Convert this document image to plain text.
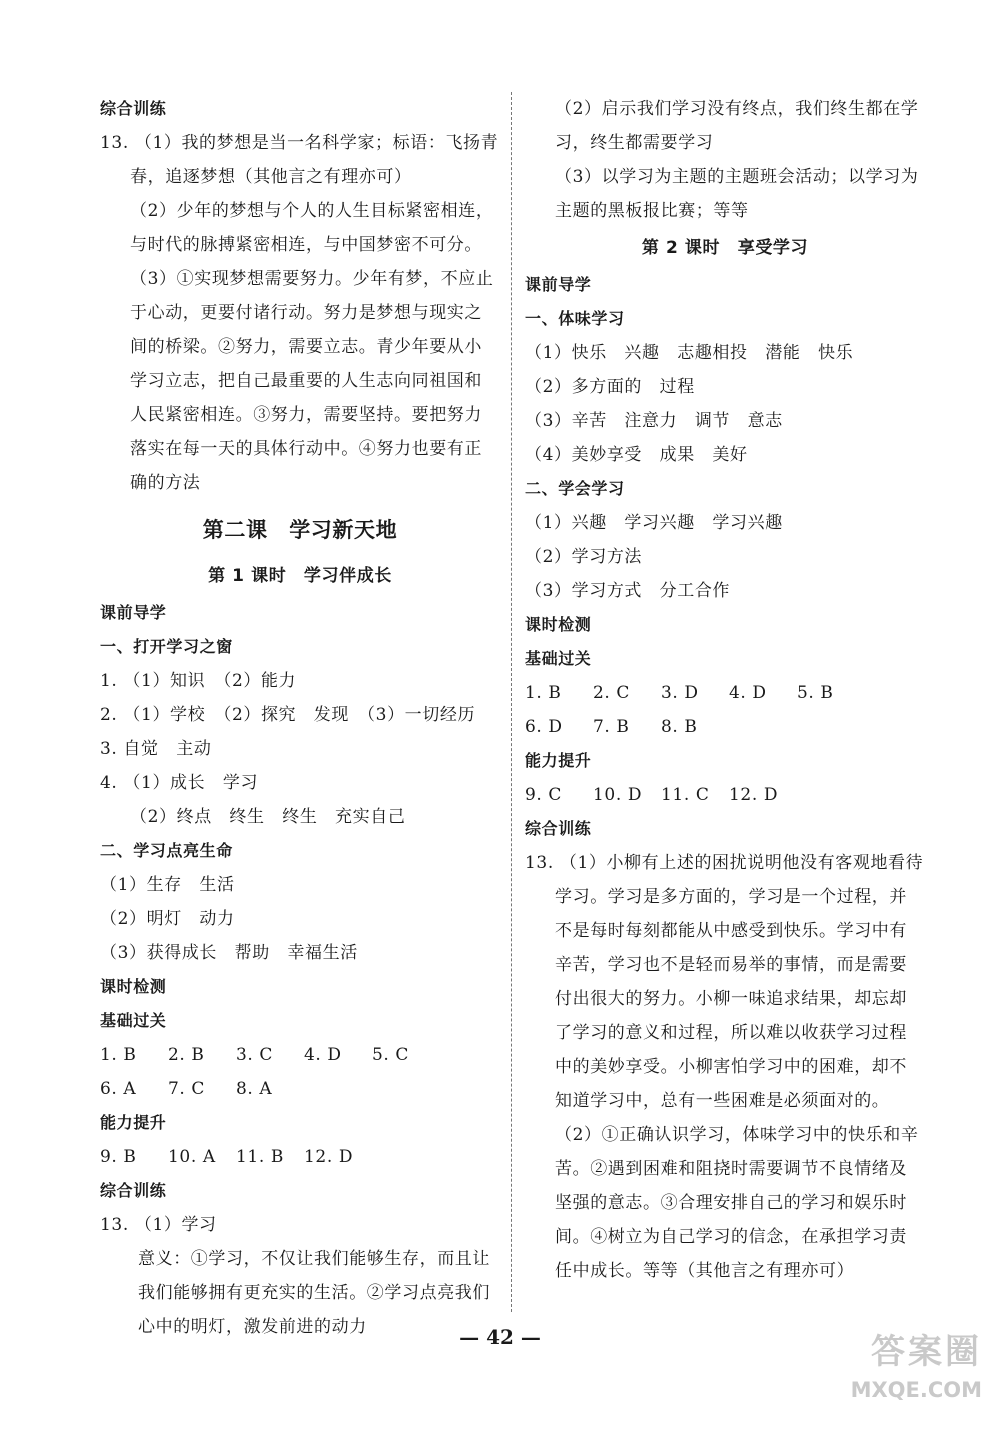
综合训练
13. （1）我的梦想是当一名科学家；标语：飞扬青
春，追逐梦想（其他言之有理亦可）
（2）少年的梦想与个人的人生目标紧密相连，
与时代的脉搏紧密相连，与中国梦密不可分。
（3）①实现梦想需要努力。少年有梦，不应止
于心动，更要付诸行动。努力是梦想与现实之
间的桥梁。②努力，需要立志。青少年要从小
学习立志，把自己最重要的人生志向同祖国和
人民紧密相连。③努力，需要坚持。要把努力
落实在每一天的具体行动中。④努力也要有正
确的方法
第二课　学习新天地
第 1 课时　学习伴成长
课前导学
一、打开学习之窗
1. （1）知识　（2）能力
2. （1）学校　（2）探究　发现　（3）一切经历
3. 自觉　主动
4. （1）成长　学习
（2）终点　终生　终生　充实自己
二、学习点亮生命
（1）生存　生活
（2）明灯　动力
（3）获得成长　帮助　幸福生活
课时检测
基础过关
1. B 2. B 3. C 4. D 5. C
6. A 7. C 8. A
能力提升
9. B 10. A 11. B 12. D
综合训练
13. （1）学习
意义：①学习，不仅让我们能够生存，而且让
我们能够拥有更充实的生活。②学习点亮我们
心中的明灯，激发前进的动力
（2）启示我们学习没有终点，我们终生都在学
习，终生都需要学习
（3）以学习为主题的主题班会活动；以学习为
主题的黑板报比赛；等等
第 2 课时　享受学习
课前导学
一、体味学习
（1）快乐　兴趣　志趣相投　潜能　快乐
（2）多方面的　过程
（3）辛苦　注意力　调节　意志
（4）美妙享受　成果　美好
二、学会学习
（1）兴趣　学习兴趣　学习兴趣
（2）学习方法
（3）学习方式　分工合作
课时检测
基础过关
1. B 2. C 3. D 4. D 5. B
6. D 7. B 8. B
能力提升
9. C 10. D 11. C 12. D
综合训练
13. （1）小柳有上述的困扰说明他没有客观地看待
学习。学习是多方面的，学习是一个过程，并
不是每时每刻都能从中感受到快乐。学习中有
辛苦，学习也不是轻而易举的事情，而是需要
付出很大的努力。小柳一味追求结果，却忘却
了学习的意义和过程，所以难以收获学习过程
中的美妙享受。小柳害怕学习中的困难，却不
知道学习中，总有一些困难是必须面对的。
（2）①正确认识学习，体味学习中的快乐和辛
苦。②遇到困难和阻挠时需要调节不良情绪及
坚强的意志。③合理安排自己的学习和娱乐时
间。④树立为自己学习的信念，在承担学习责
任中成长。等等（其他言之有理亦可）
— 42 —	答案圈
MXQE.COM
